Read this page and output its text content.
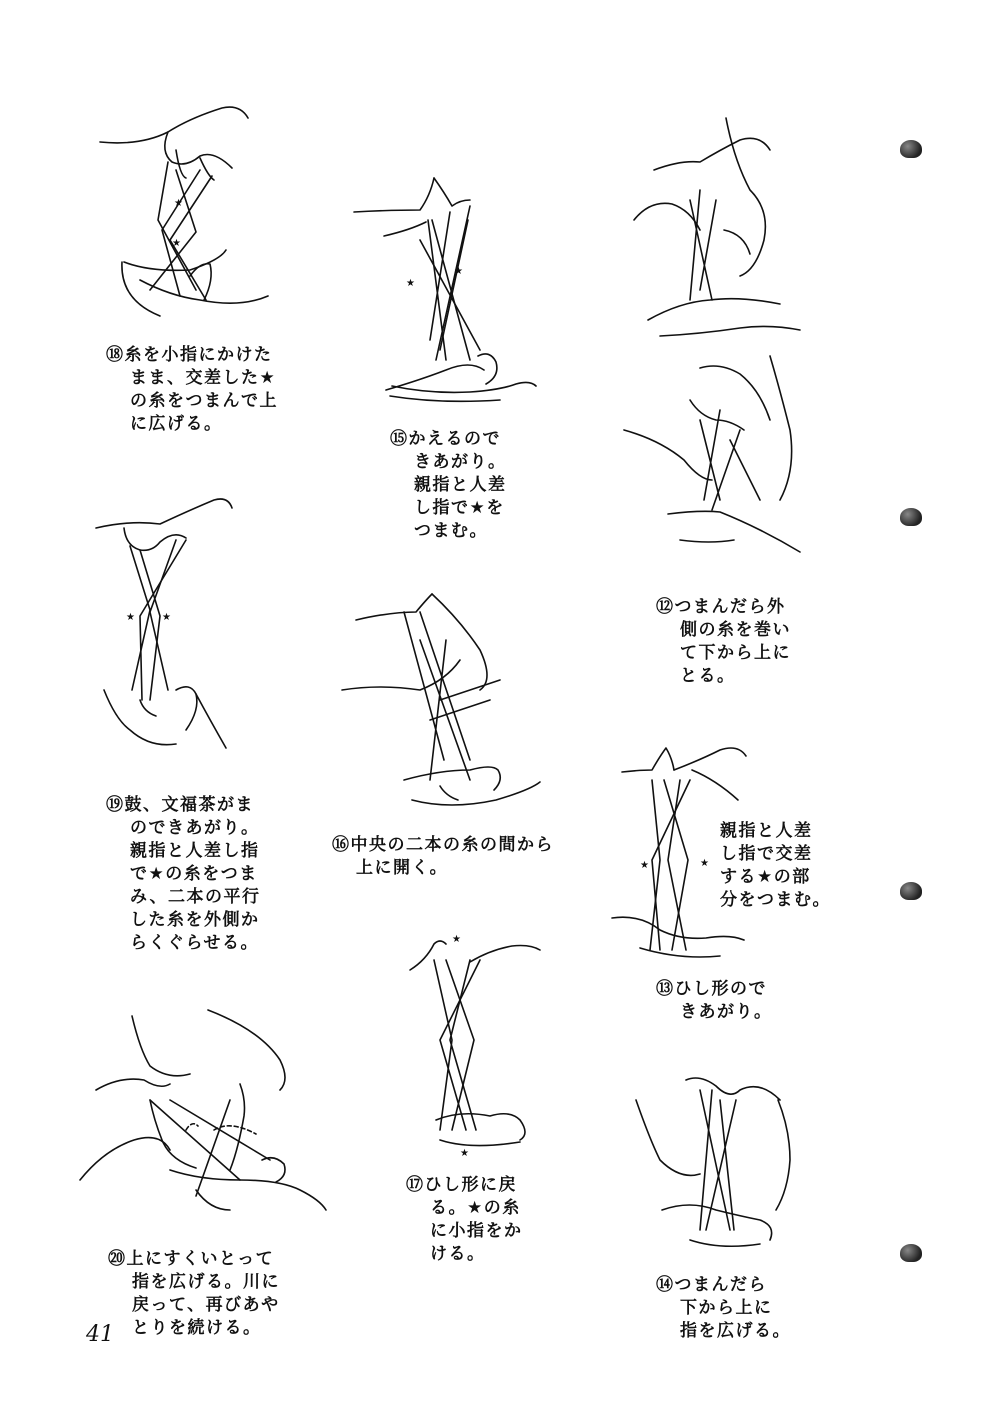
★
★
★	★
★
★
★
★
★	★
⑱糸を小指にかけた
まま、交差した★
の糸をつまんで上
に広げる。
⑲鼓、文福茶がま
のできあがり。
親指と人差し指
で★の糸をつま
み、二本の平行
した糸を外側か
らくぐらせる。
⑳上にすくいとって
指を広げる。川に
戻って、再びあや
とりを続ける。
⑮かえるので
きあがり。
親指と人差
し指で★を
つまむ。
⑯中央の二本の糸の間から
上に開く。
⑰ひし形に戻
る。★の糸
に小指をか
ける。
⑫つまんだら外
側の糸を巻い
て下から上に
とる。
親指と人差
し指で交差
する★の部
分をつまむ。
⑬ひし形ので
きあがり。
⑭つまんだら
下から上に
指を広げる。
41
